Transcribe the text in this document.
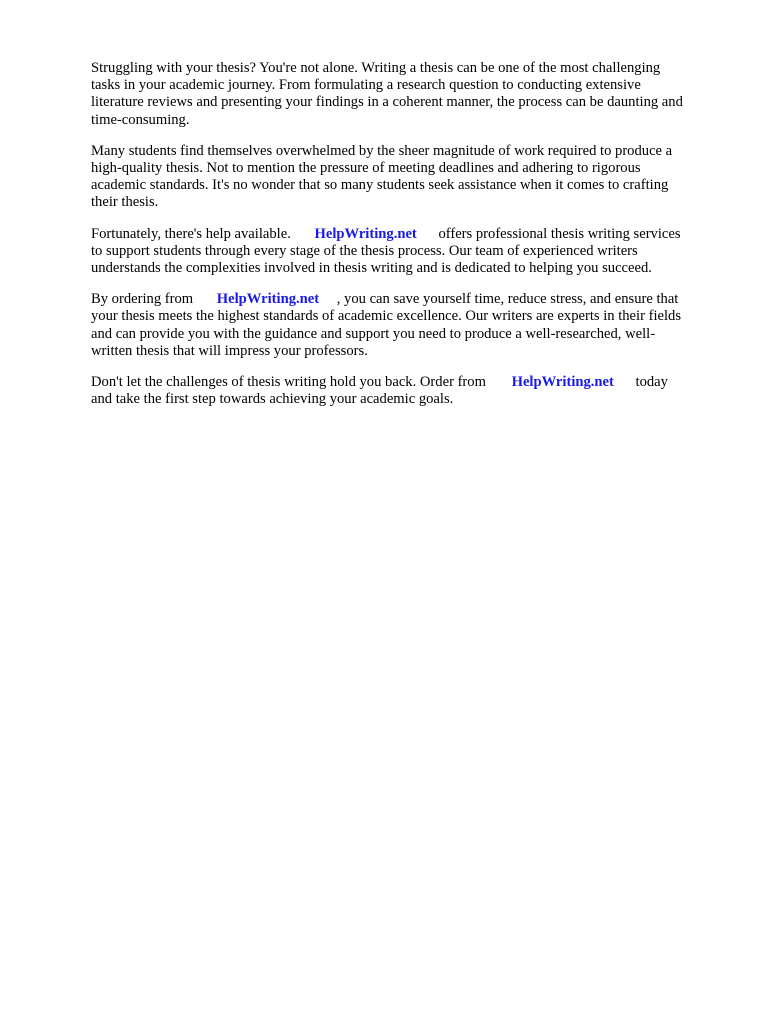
Struggling with your thesis? You're not alone. Writing a thesis can be one of the most challenging
tasks in your academic journey. From formulating a research question to conducting extensive
literature reviews and presenting your findings in a coherent manner, the process can be daunting and
time-consuming.

Many students find themselves overwhelmed by the sheer magnitude of work required to produce a
high-quality thesis. Not to mention the pressure of meeting deadlines and adhering to rigorous
academic standards. It's no wonder that so many students seek assistance when it comes to crafting
their thesis.

Fortunately, there's help available. HelpWriting.net offers professional thesis writing services
to support students through every stage of the thesis process. Our team of experienced writers
understands the complexities involved in thesis writing and is dedicated to helping you succeed.

By ordering from HelpWriting.net , you can save yourself time, reduce stress, and ensure that
your thesis meets the highest standards of academic excellence. Our writers are experts in their fields
and can provide you with the guidance and support you need to produce a well-researched, well-
written thesis that will impress your professors.

Don't let the challenges of thesis writing hold you back. Order from HelpWriting.net today
and take the first step towards achieving your academic goals.
